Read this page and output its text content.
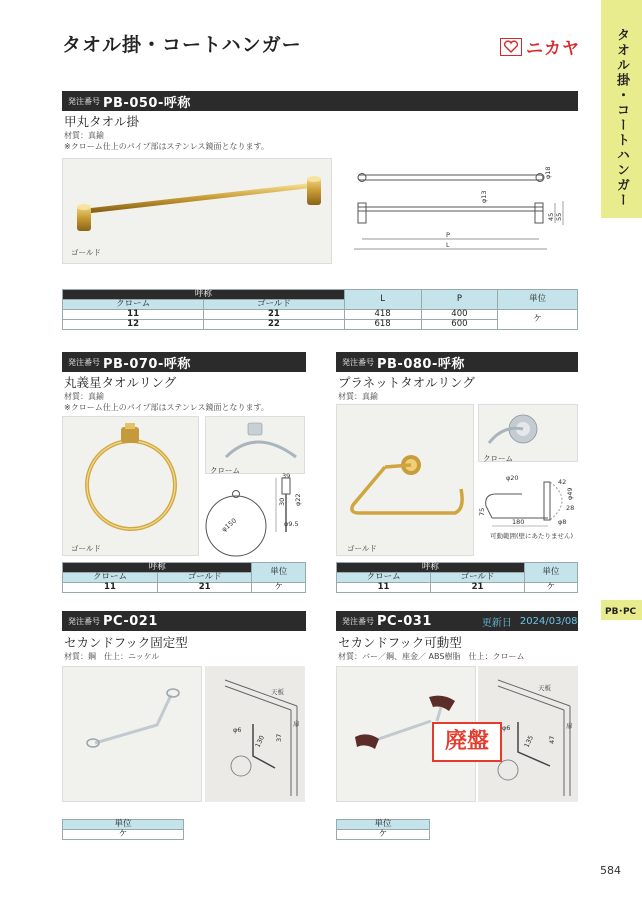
タオル掛・コートハンガー	ニカヤ	タオル掛・コートハンガー
PB･PC
584
発注番号 PB-050-呼称
甲丸タオル掛
材質：真鍮
※クローム仕上のパイプ部はステンレス鏡面となります。
ゴールド
φ18
φ13
45 55
P
L
呼称		L	P	単位
クローム	ゴールド			
11	21	418	400	ケ
12	22	618	600	
発注番号 PB-070-呼称
丸義星タオルリング
材質：真鍮
※クローム仕上のパイプ部はステンレス鏡面となります。
ゴールド
クローム
39
φ22
30
φ150	φ9.5
呼称		単位
クローム	ゴールド	
11	21	ケ
発注番号 PB-080-呼称
プラネットタオルリング
材質：真鍮
ゴールド
クローム
φ20
75
180
42
φ49
28
φ8
可動範囲(壁にあたりません)
呼称		単位
クローム	ゴールド	
11	21	ケ
発注番号 PC-021
セカンドフック固定型
材質：鋼　仕上：ニッケル
天板
扉
φ6
130 37
単位
ケ
発注番号 PC-031	更新日 2024/03/08
セカンドフック可動型
材質：バー／鋼、座金／ ABS樹脂　仕上：クローム
天板
扉
φ6
135 47
廃盤
単位
ケ
